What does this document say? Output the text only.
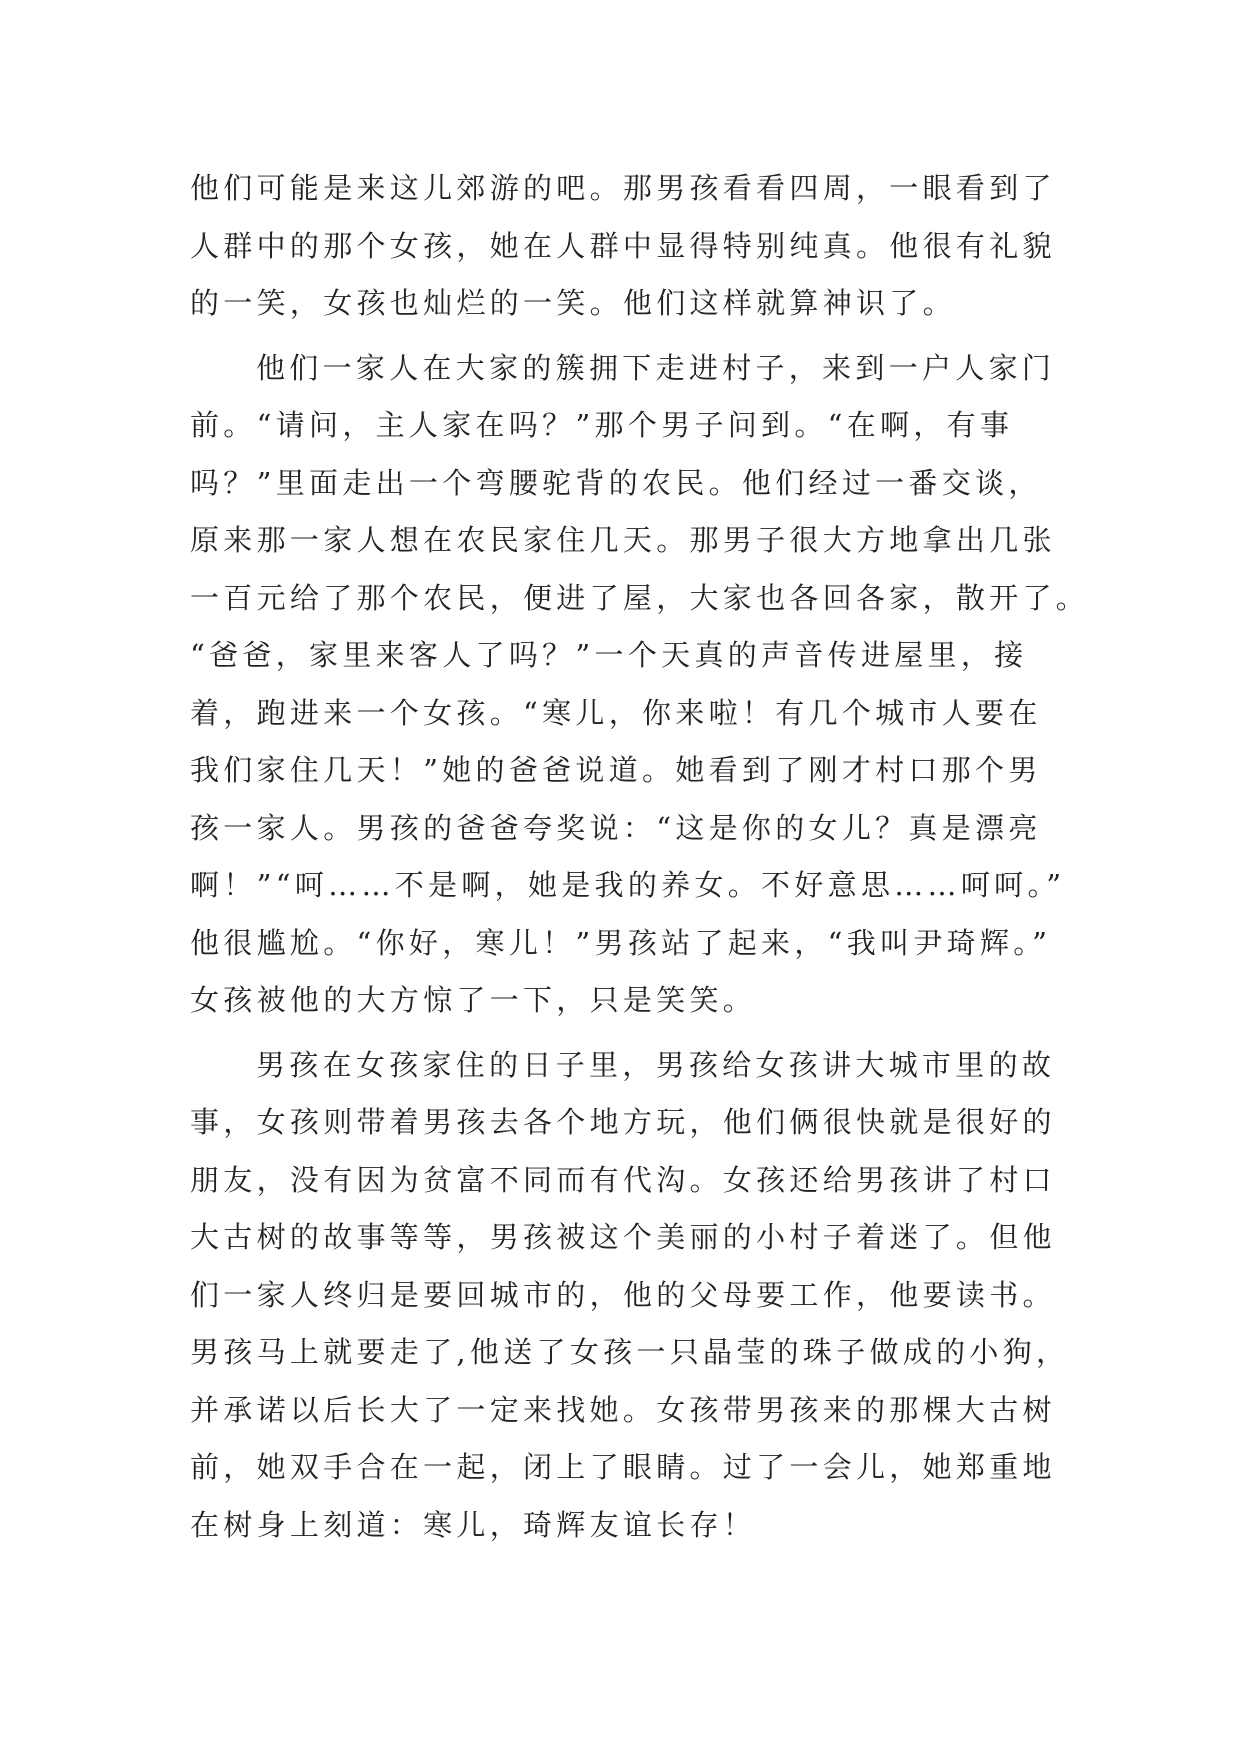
他们可能是来这儿郊游的吧。那男孩看看四周，一眼看到了
人群中的那个女孩，她在人群中显得特别纯真。他很有礼貌
的一笑，女孩也灿烂的一笑。他们这样就算神识了。
他们一家人在大家的簇拥下走进村子，来到一户人家门
前。“请问，主人家在吗？”那个男子问到。“在啊，有事
吗？”里面走出一个弯腰驼背的农民。他们经过一番交谈，
原来那一家人想在农民家住几天。那男子很大方地拿出几张
一百元给了那个农民，便进了屋，大家也各回各家，散开了。
“爸爸，家里来客人了吗？”一个天真的声音传进屋里，接
着，跑进来一个女孩。“寒儿，你来啦！有几个城市人要在
我们家住几天！”她的爸爸说道。她看到了刚才村口那个男
孩一家人。男孩的爸爸夸奖说：“这是你的女儿？真是漂亮
啊！”“呵……不是啊，她是我的养女。不好意思……呵呵。”
他很尴尬。“你好，寒儿！”男孩站了起来，“我叫尹琦辉。”
女孩被他的大方惊了一下，只是笑笑。
男孩在女孩家住的日子里，男孩给女孩讲大城市里的故
事，女孩则带着男孩去各个地方玩，他们俩很快就是很好的
朋友，没有因为贫富不同而有代沟。女孩还给男孩讲了村口
大古树的故事等等，男孩被这个美丽的小村子着迷了。但他
们一家人终归是要回城市的，他的父母要工作，他要读书。
男孩马上就要走了,他送了女孩一只晶莹的珠子做成的小狗，
并承诺以后长大了一定来找她。女孩带男孩来的那棵大古树
前，她双手合在一起，闭上了眼睛。过了一会儿，她郑重地
在树身上刻道：寒儿，琦辉友谊长存！
